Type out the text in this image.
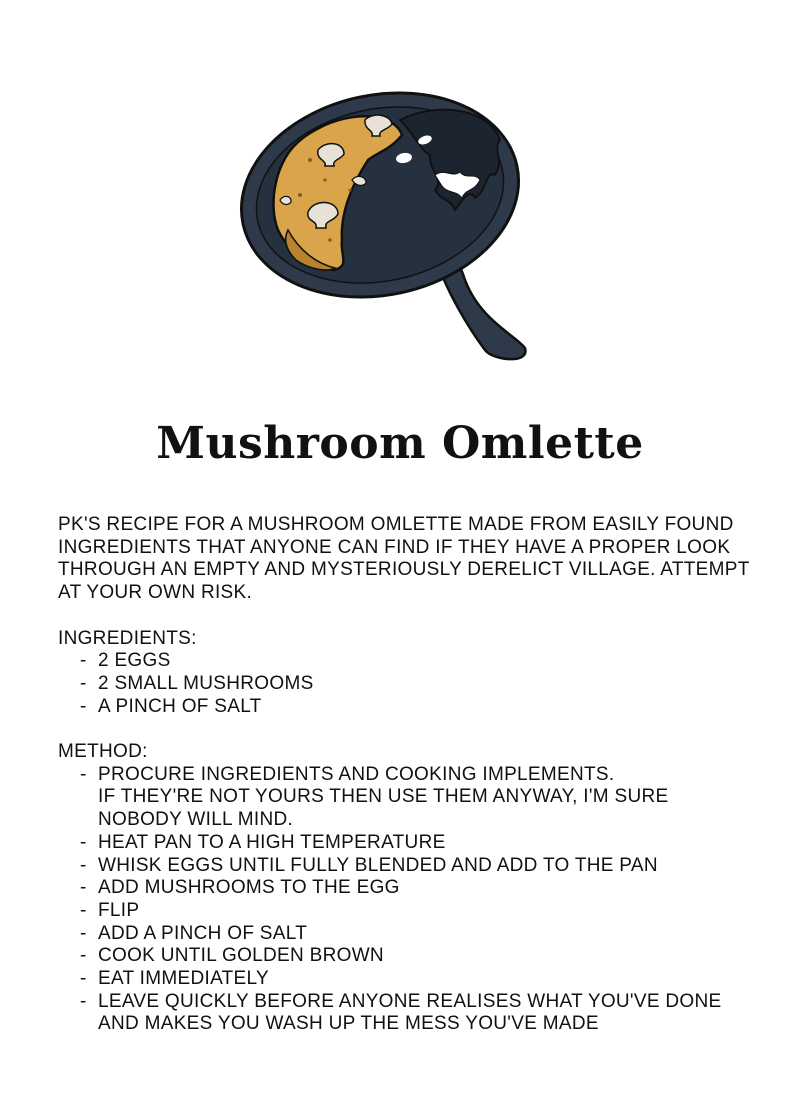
Mushroom Omlette
PK'S RECIPE FOR A MUSHROOM OMLETTE MADE FROM EASILY FOUND
INGREDIENTS THAT ANYONE CAN FIND IF THEY HAVE A PROPER LOOK
THROUGH AN EMPTY AND MYSTERIOUSLY DERELICT VILLAGE. ATTEMPT
AT YOUR OWN RISK.
INGREDIENTS:
- 2 EGGS
- 2 SMALL MUSHROOMS
- A PINCH OF SALT
METHOD:
- PROCURE INGREDIENTS AND COOKING IMPLEMENTS.
IF THEY'RE NOT YOURS THEN USE THEM ANYWAY, I'M SURE
NOBODY WILL MIND.
- HEAT PAN TO A HIGH TEMPERATURE
- WHISK EGGS UNTIL FULLY BLENDED AND ADD TO THE PAN
- ADD MUSHROOMS TO THE EGG
- FLIP
- ADD A PINCH OF SALT
- COOK UNTIL GOLDEN BROWN
- EAT IMMEDIATELY
- LEAVE QUICKLY BEFORE ANYONE REALISES WHAT YOU'VE DONE
AND MAKES YOU WASH UP THE MESS YOU'VE MADE
